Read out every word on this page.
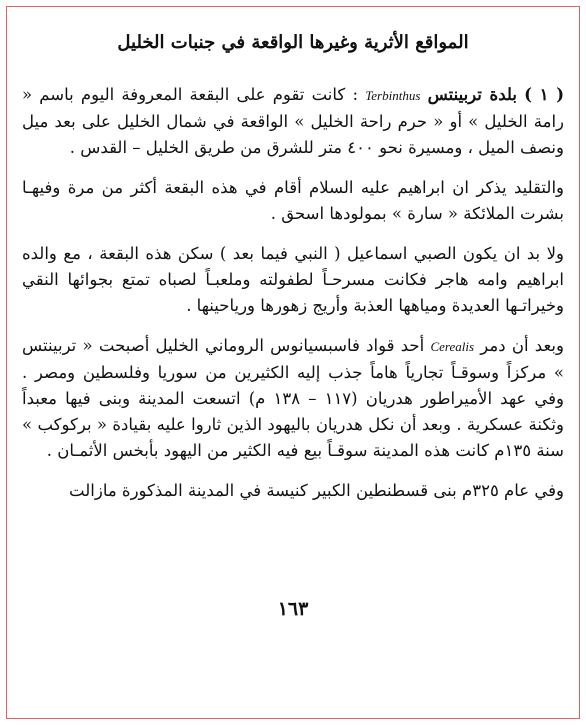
المواقع الأثرية وغيرها الواقعة في جنبات الخليل

( ١ ) بلدة تربينتس Terbinthus : كانت تقوم على البقعة المعروفة اليوم باسم « رامة الخليل » أو « حرم راحة الخليل » الواقعة في شمال الخليل على بعد ميل ونصف الميل ، ومسيرة نحو ٤٠٠ متر للشرق من طريق الخليل – القدس .

والتقليد يذكر ان ابراهيم عليه السلام أقام في هذه البقعة أكثر من مرة وفيهـا بشرت الملائكة « سارة » بمولودها اسحق .

ولا بد ان يكون الصبي اسماعيل ( النبي فيما بعد ) سكن هذه البقعة ، مع والده ابراهيم وامه هاجر فكانت مسرحـاً لطفولته وملعبـاً لصباه تمتع بجوائها النقي وخيراتـها العديدة ومياهها العذبة وأريج زهورها ورياحينها .

وبعد أن دمر Cerealis أحد قواد فاسبسيانوس الروماني الخليل أصبحت « تربينتس » مركزاً وسوقـاً تجارياً هاماً جذب إليه الكثيرين من سوريا وفلسطين ومصر . وفي عهد الأميراطور هدريان (١١٧ – ١٣٨ م) اتسعت المدينة وبنى فيها معبداً وثكنة عسكرية . وبعد أن نكل هدريان باليهود الذين ثاروا عليه بقيادة « بركوكب » سنة ١٣٥م كانت هذه المدينة سوقـاً بيع فيه الكثير من اليهود بأبخس الأثمـان .

وفي عام ٣٢٥م بنى قسطنطين الكبير كنيسة في المدينة المذكورة مازالت

١٦٣
